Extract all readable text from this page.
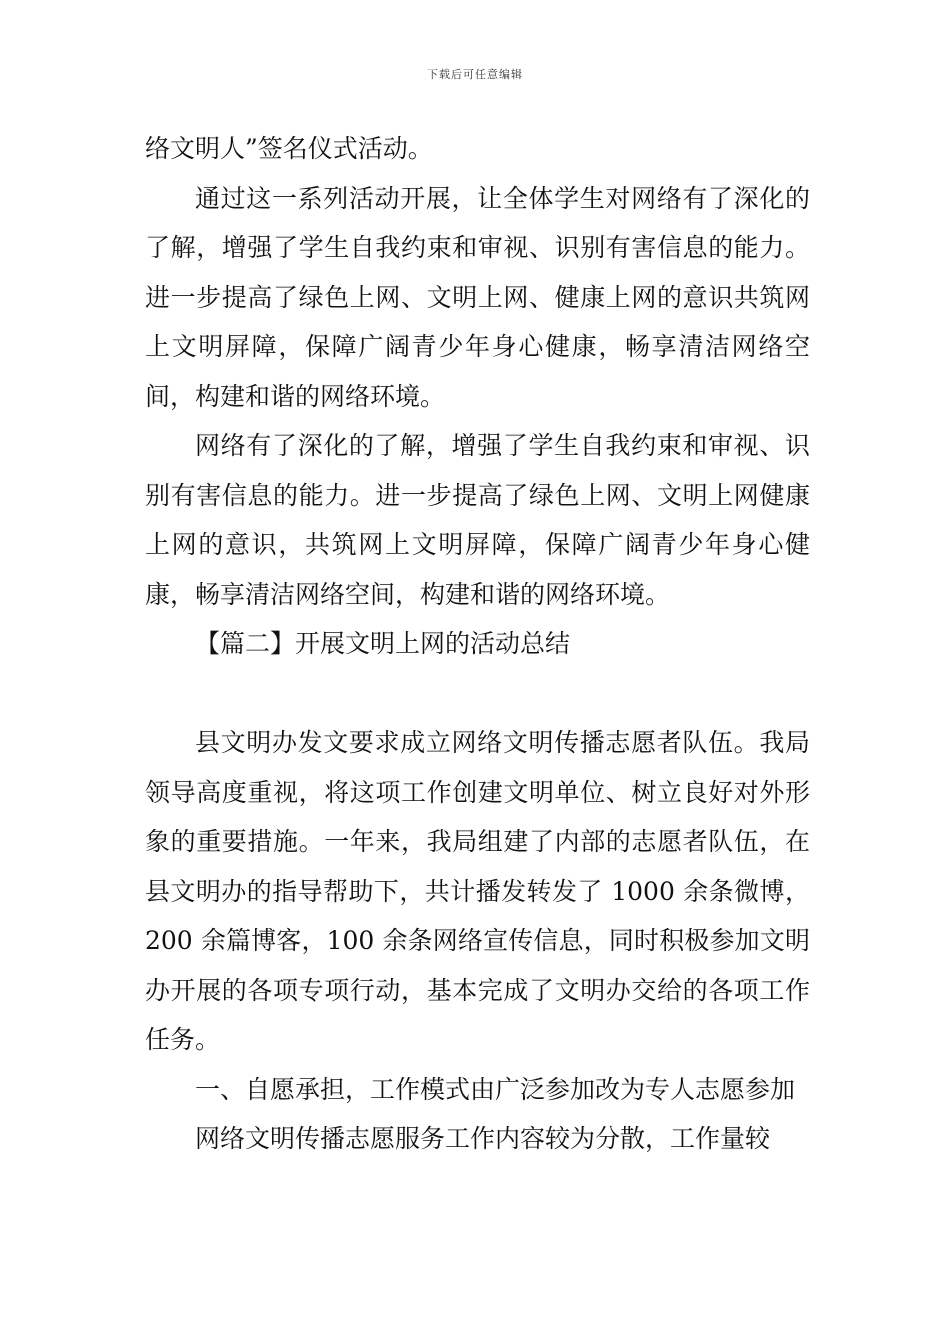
下载后可任意编辑

络文明人”签名仪式活动。

通过这一系列活动开展，让全体学生对网络有了深化的了解，增强了学生自我约束和审视、识别有害信息的能力。进一步提高了绿色上网、文明上网、健康上网的意识共筑网上文明屏障，保障广阔青少年身心健康，畅享清洁网络空间，构建和谐的网络环境。

网络有了深化的了解，增强了学生自我约束和审视、识别有害信息的能力。进一步提高了绿色上网、文明上网健康上网的意识，共筑网上文明屏障，保障广阔青少年身心健康，畅享清洁网络空间，构建和谐的网络环境。

【篇二】开展文明上网的活动总结

县文明办发文要求成立网络文明传播志愿者队伍。我局领导高度重视，将这项工作创建文明单位、树立良好对外形象的重要措施。一年来，我局组建了内部的志愿者队伍，在县文明办的指导帮助下，共计播发转发了 1000 余条微博，200 余篇博客，100 余条网络宣传信息，同时积极参加文明办开展的各项专项行动，基本完成了文明办交给的各项工作任务。

一、自愿承担，工作模式由广泛参加改为专人志愿参加

网络文明传播志愿服务工作内容较为分散，工作量较
